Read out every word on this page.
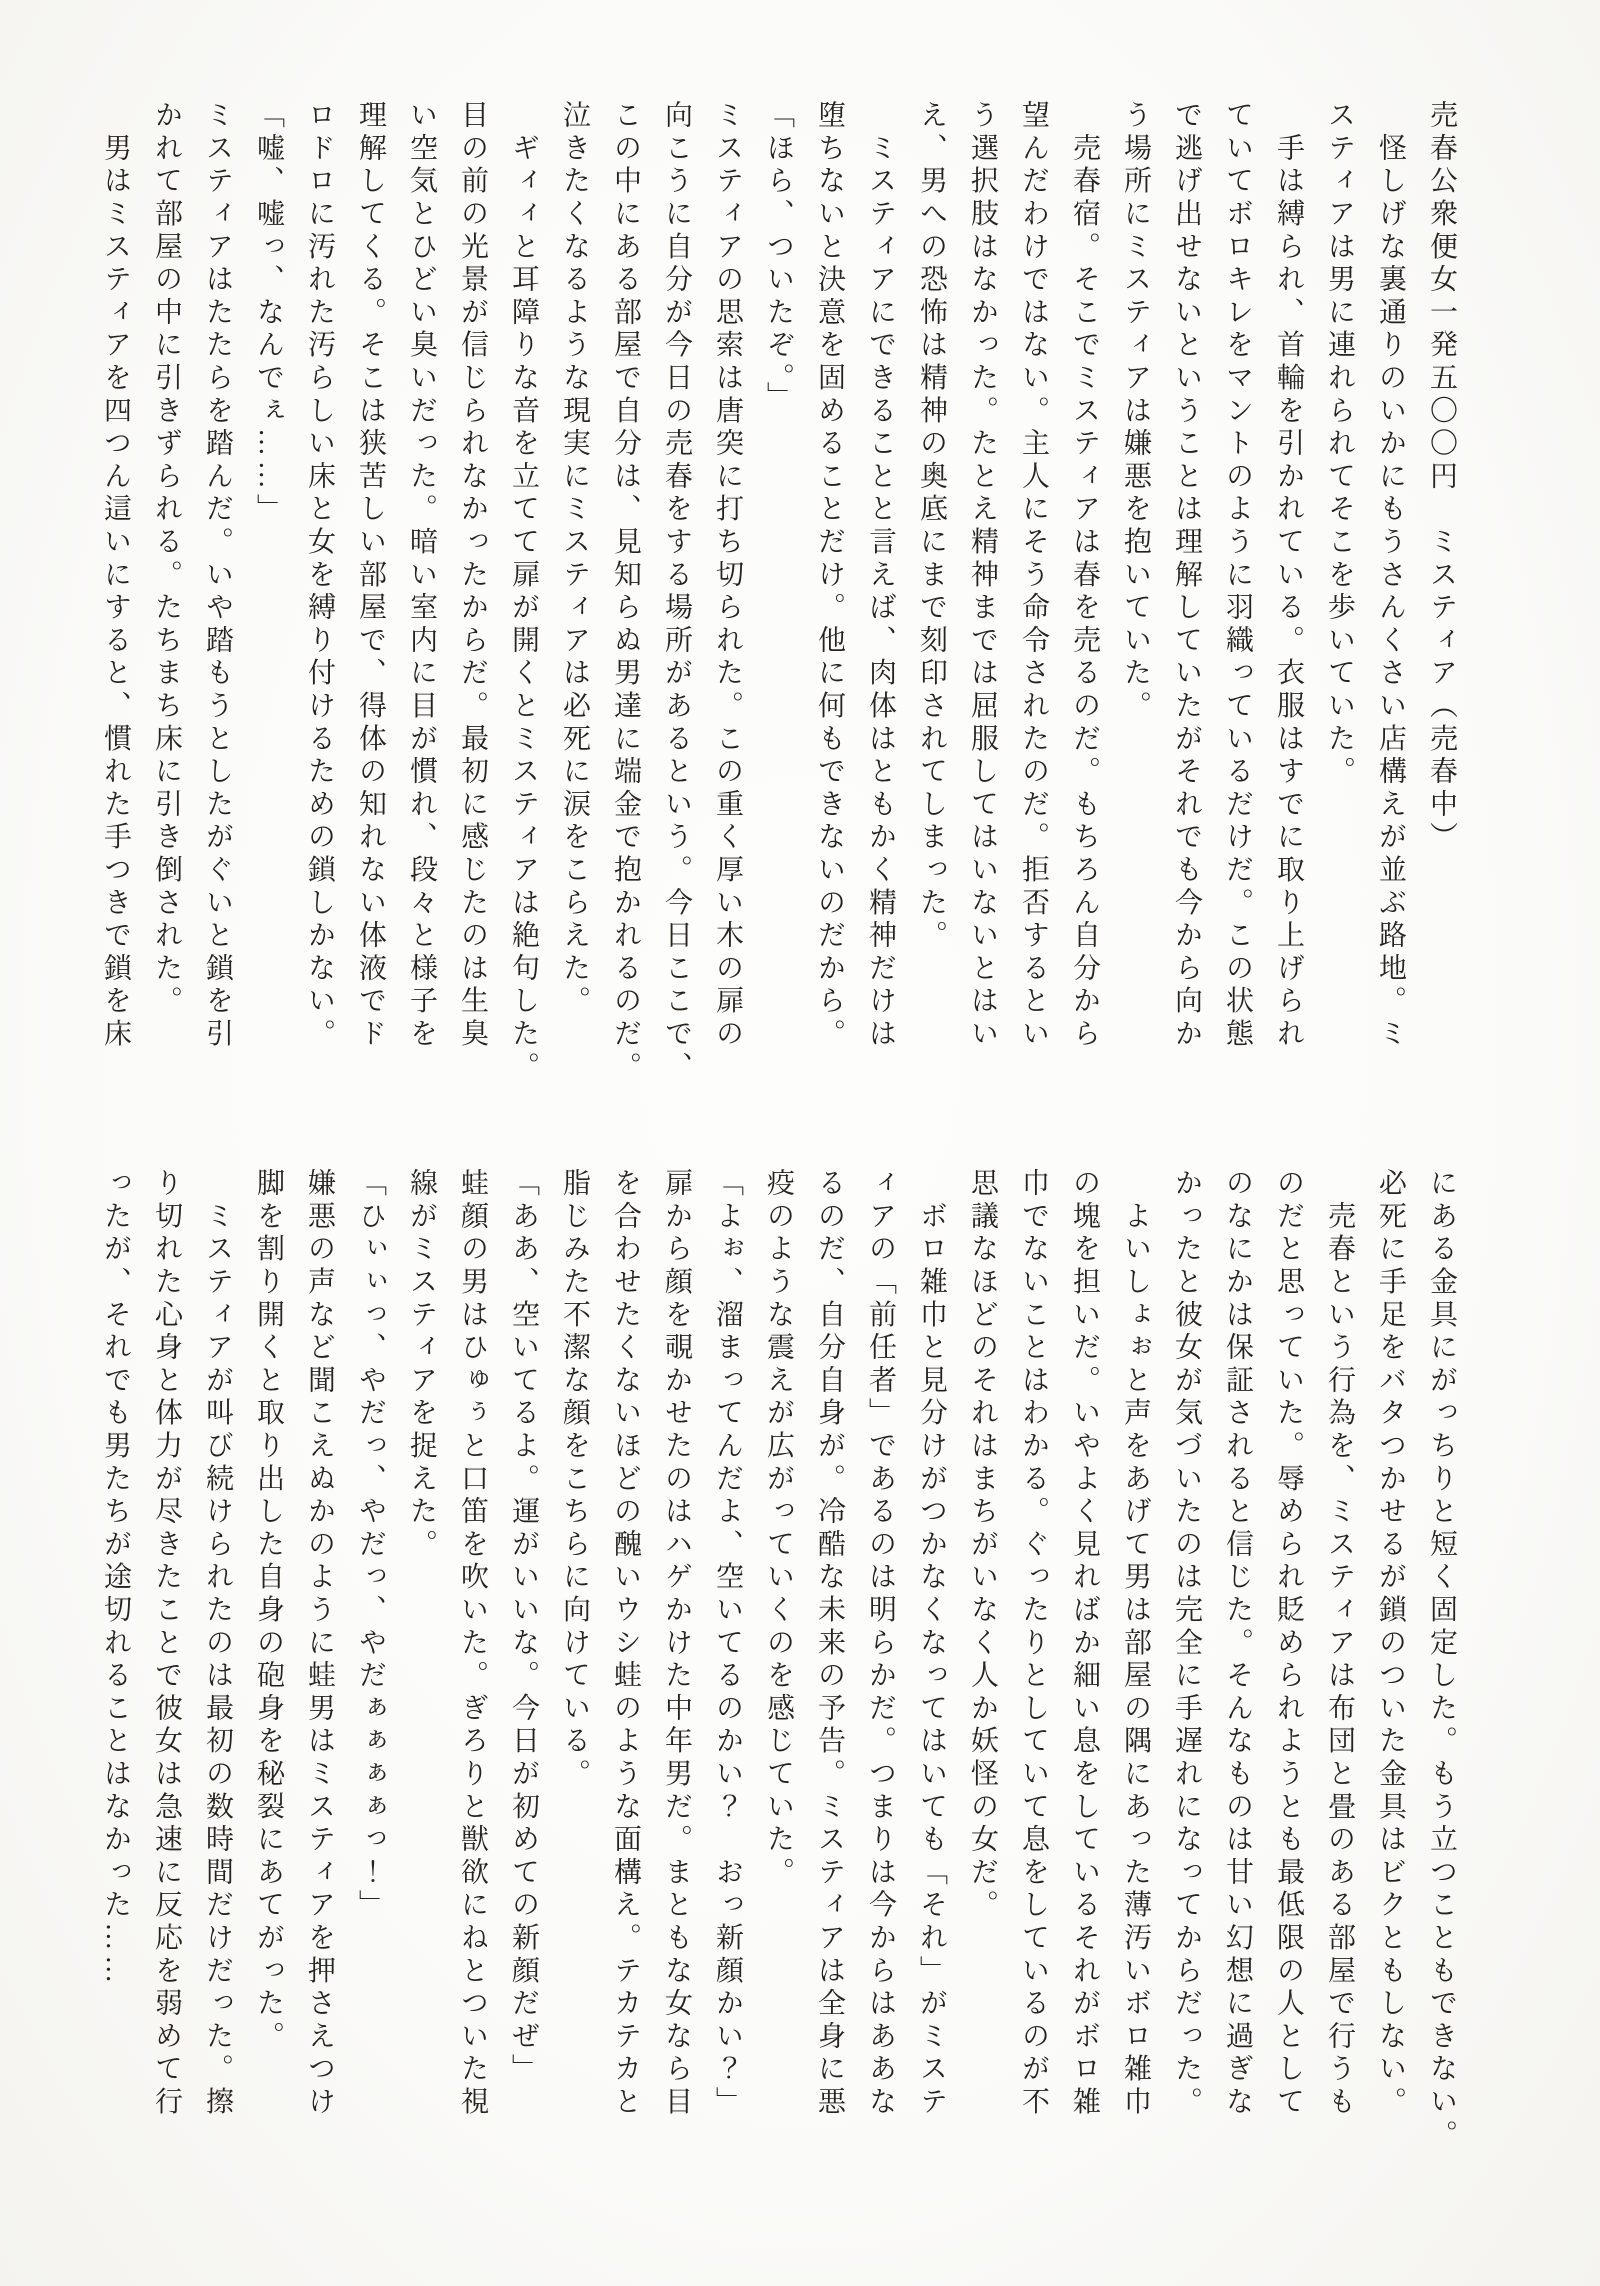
売春公衆便女一発五〇〇円　ミスティア（売春中）
　怪しげな裏通りのいかにもうさんくさい店構えが並ぶ路地。ミ
スティアは男に連れられてそこを歩いていた。
　手は縛られ、首輪を引かれている。衣服はすでに取り上げられ
ていてボロキレをマントのように羽織っているだけだ。この状態
で逃げ出せないということは理解していたがそれでも今から向か
う場所にミスティアは嫌悪を抱いていた。
　売春宿。そこでミスティアは春を売るのだ。もちろん自分から
望んだわけではない。主人にそう命令されたのだ。拒否するとい
う選択肢はなかった。たとえ精神までは屈服してはいないとはい
え、男への恐怖は精神の奥底にまで刻印されてしまった。
　ミスティアにできることと言えば、肉体はともかく精神だけは
堕ちないと決意を固めることだけ。他に何もできないのだから。
「ほら、ついたぞ。」
ミスティアの思索は唐突に打ち切られた。この重く厚い木の扉の
向こうに自分が今日の売春をする場所があるという。今日ここで、
この中にある部屋で自分は、見知らぬ男達に端金で抱かれるのだ。
泣きたくなるような現実にミスティアは必死に涙をこらえた。
　ギィィと耳障りな音を立てて扉が開くとミスティアは絶句した。
目の前の光景が信じられなかったからだ。最初に感じたのは生臭
い空気とひどい臭いだった。暗い室内に目が慣れ、段々と様子を
理解してくる。そこは狭苦しい部屋で、得体の知れない体液でド
ロドロに汚れた汚らしい床と女を縛り付けるための鎖しかない。
「嘘、嘘っ、なんでぇ……」
ミスティアはたたらを踏んだ。いや踏もうとしたがぐいと鎖を引
かれて部屋の中に引きずられる。たちまち床に引き倒された。
　男はミスティアを四つん這いにすると、慣れた手つきで鎖を床
にある金具にがっちりと短く固定した。もう立つこともできない。
必死に手足をバタつかせるが鎖のついた金具はビクともしない。
　売春という行為を、ミスティアは布団と畳のある部屋で行うも
のだと思っていた。辱められ貶められようとも最低限の人として
のなにかは保証されると信じた。そんなものは甘い幻想に過ぎな
かったと彼女が気づいたのは完全に手遅れになってからだった。
　よいしょぉと声をあげて男は部屋の隅にあった薄汚いボロ雑巾
の塊を担いだ。いやよく見ればか細い息をしているそれがボロ雑
巾でないことはわかる。ぐったりとしていて息をしているのが不
思議なほどのそれはまちがいなく人か妖怪の女だ。
　ボロ雑巾と見分けがつかなくなってはいても「それ」がミステ
ィアの「前任者」であるのは明らかだ。つまりは今からはああな
るのだ、自分自身が。冷酷な未来の予告。ミスティアは全身に悪
疫のような震えが広がっていくのを感じていた。
「よぉ、溜まってんだよ、空いてるのかい？　おっ新顔かい？」
扉から顔を覗かせたのはハゲかけた中年男だ。まともな女なら目
を合わせたくないほどの醜いウシ蛙のような面構え。テカテカと
脂じみた不潔な顔をこちらに向けている。
「ああ、空いてるよ。運がいいな。今日が初めての新顔だぜ」
蛙顔の男はひゅぅと口笛を吹いた。ぎろりと獣欲にねとついた視
線がミスティアを捉えた。
「ひぃぃっ、やだっ、やだっ、やだぁぁぁぁっ！」
嫌悪の声など聞こえぬかのように蛙男はミスティアを押さえつけ
脚を割り開くと取り出した自身の砲身を秘裂にあてがった。
　ミスティアが叫び続けられたのは最初の数時間だけだった。擦
り切れた心身と体力が尽きたことで彼女は急速に反応を弱めて行
ったが、それでも男たちが途切れることはなかった……
